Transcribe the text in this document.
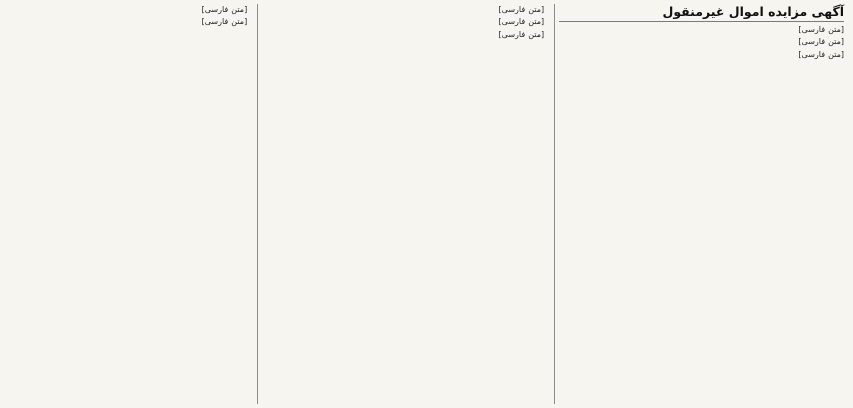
آگهی مزایده اموال غیرمنقول

[متن فارسی]

[متن فارسی]

[متن فارسی]

[متن فارسی]

[متن فارسی]

[متن فارسی]

[متن فارسی]

[متن فارسی]
